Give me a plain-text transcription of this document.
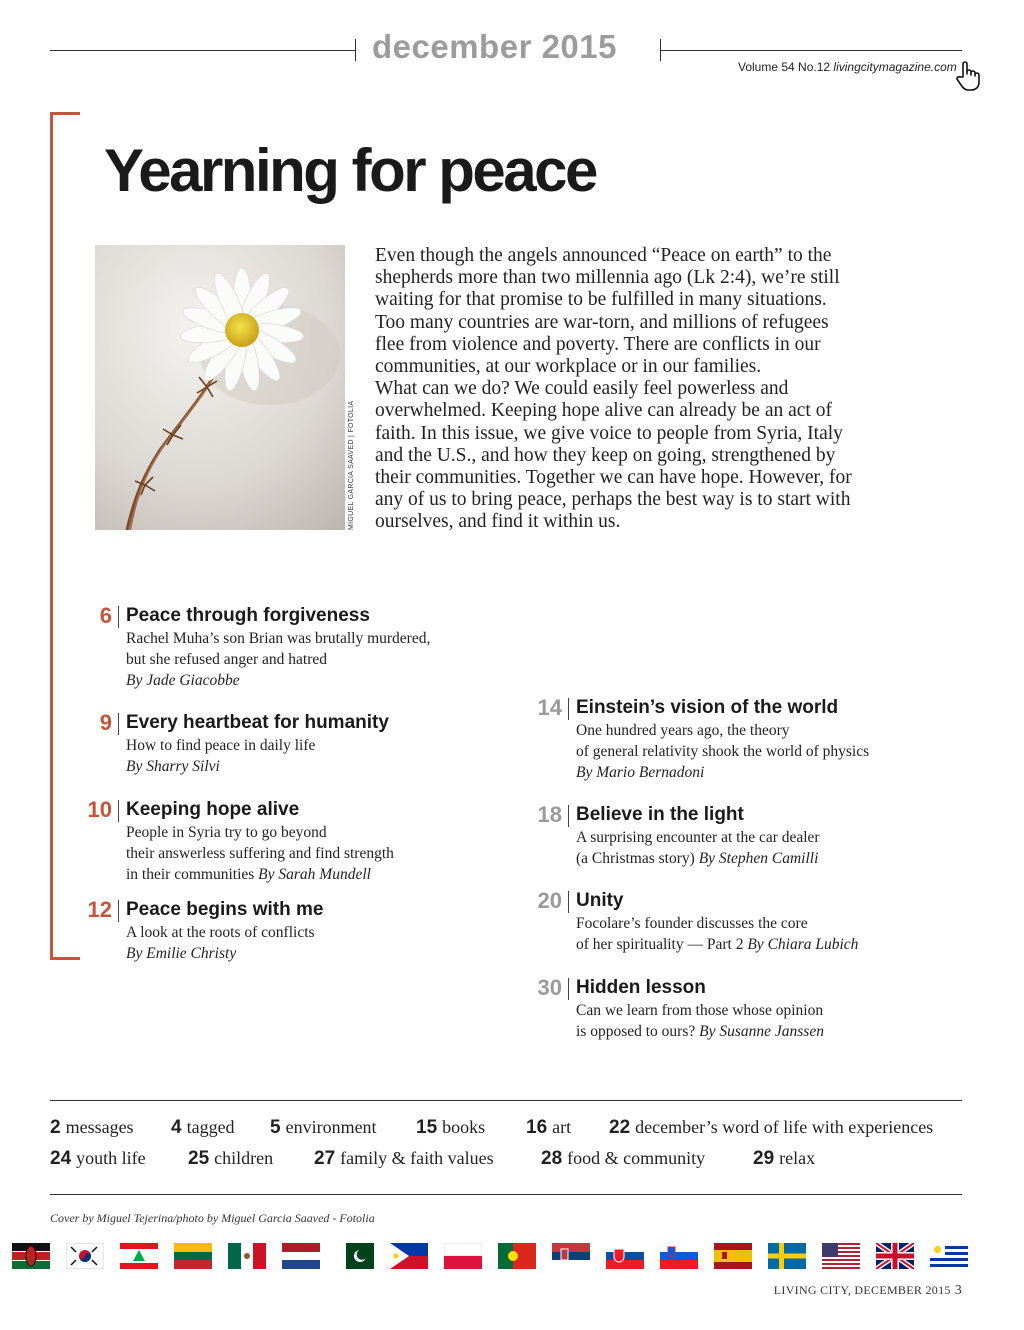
december 2015
Volume 54 No.12 livingcitymagazine.com
Yearning for peace
MIGUEL GARCIA SAAVED | FOTOLIA

Even though the angels announced “Peace on earth” to the

shepherds more than two millennia ago (Lk 2:4), we’re still

waiting for that promise to be fulfilled in many situations.

Too many countries are war-torn, and millions of refugees

flee from violence and poverty. There are conflicts in our

communities, at our workplace or in our families.

What can we do? We could easily feel powerless and

overwhelmed. Keeping hope alive can already be an act of

faith. In this issue, we give voice to people from Syria, Italy

and the U.S., and how they keep on going, strengthened by

their communities. Together we can have hope. However, for

any of us to bring peace, perhaps the best way is to start with

ourselves, and find it within us.

6 Peace through forgiveness
Rachel Muha’s son Brian was brutally murdered,
but she refused anger and hatred
By Jade Giacobbe
9 Every heartbeat for humanity
How to find peace in daily life
By Sharry Silvi
10 Keeping hope alive
People in Syria try to go beyond
their answerless suffering and find strength
in their communities By Sarah Mundell
12 Peace begins with me
A look at the roots of conflicts
By Emilie Christy
14 Einstein’s vision of the world
One hundred years ago, the theory
of general relativity shook the world of physics
By Mario Bernadoni
18 Believe in the light
A surprising encounter at the car dealer
(a Christmas story) By Stephen Camilli
20 Unity
Focolare’s founder discusses the core
of her spirituality — Part 2 By Chiara Lubich
30 Hidden lesson
Can we learn from those whose opinion
is opposed to ours? By Susanne Janssen
2 messages 4 tagged 5 environment 15 books 16 art 22 december’s word of life with experiences
24 youth life 25 children 27 family & faith values 28 food & community	29 relax
Cover by Miguel Tejerina/photo by Miguel Garcia Saaved - Fotolia
LIVING CITY, DECEMBER 2015 3
